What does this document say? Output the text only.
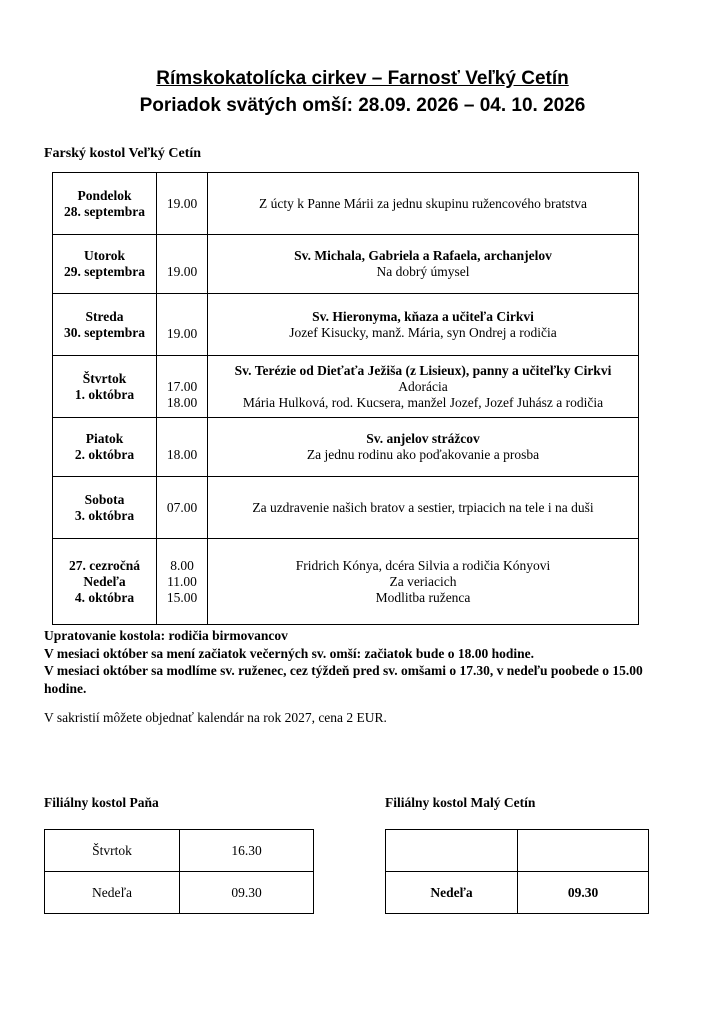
Rímskokatolícka cirkev – Farnosť Veľký Cetín
Poriadok svätých omší: 28.09. 2026 – 04. 10. 2026
Farský kostol Veľký Cetín
Pondelok
28. septembra	19.00	Z úcty k Panne Márii za jednu skupinu ružencového bratstva

Utorok
29. septembra	19.00	Sv. Michala, Gabriela a Rafaela, archanjelov
Na dobrý úmysel

Streda
30. septembra	19.00	Sv. Hieronyma, kňaza a učiteľa Cirkvi
Jozef Kisucky, manž. Mária, syn Ondrej a rodičia

Štvrtok
1. októbra	17.00
18.00	Sv. Terézie od Dieťaťa Ježiša (z Lisieux), panny a učiteľky Cirkvi
Adorácia
Mária Hulková, rod. Kucsera, manžel Jozef, Jozef Juhász a rodičia

Piatok
2. októbra	18.00	Sv. anjelov strážcov
Za jednu rodinu ako poďakovanie a prosba

Sobota
3. októbra	07.00	Za uzdravenie našich bratov a sestier, trpiacich na tele i na duši

27. cezročná
Nedeľa
4. októbra	8.00
11.00
15.00	Fridrich Kónya, dcéra Silvia a rodičia Kónyovi
Za veriacich
Modlitba ruženca
Upratovanie kostola: rodičia birmovancov
V mesiaci október sa mení začiatok večerných sv. omší: začiatok bude o 18.00 hodine.
V mesiaci október sa modlíme sv. ruženec, cez týždeň pred sv. omšami o 17.30, v nedeľu poobede o 15.00 hodine.
V sakristií môžete objednať kalendár na rok 2027, cena 2 EUR.
Filiálny kostol Paňa	Filiálny kostol Malý Cetín
Štvrtok	16.30
Nedeľa	09.30
		Nedeľa	09.30
